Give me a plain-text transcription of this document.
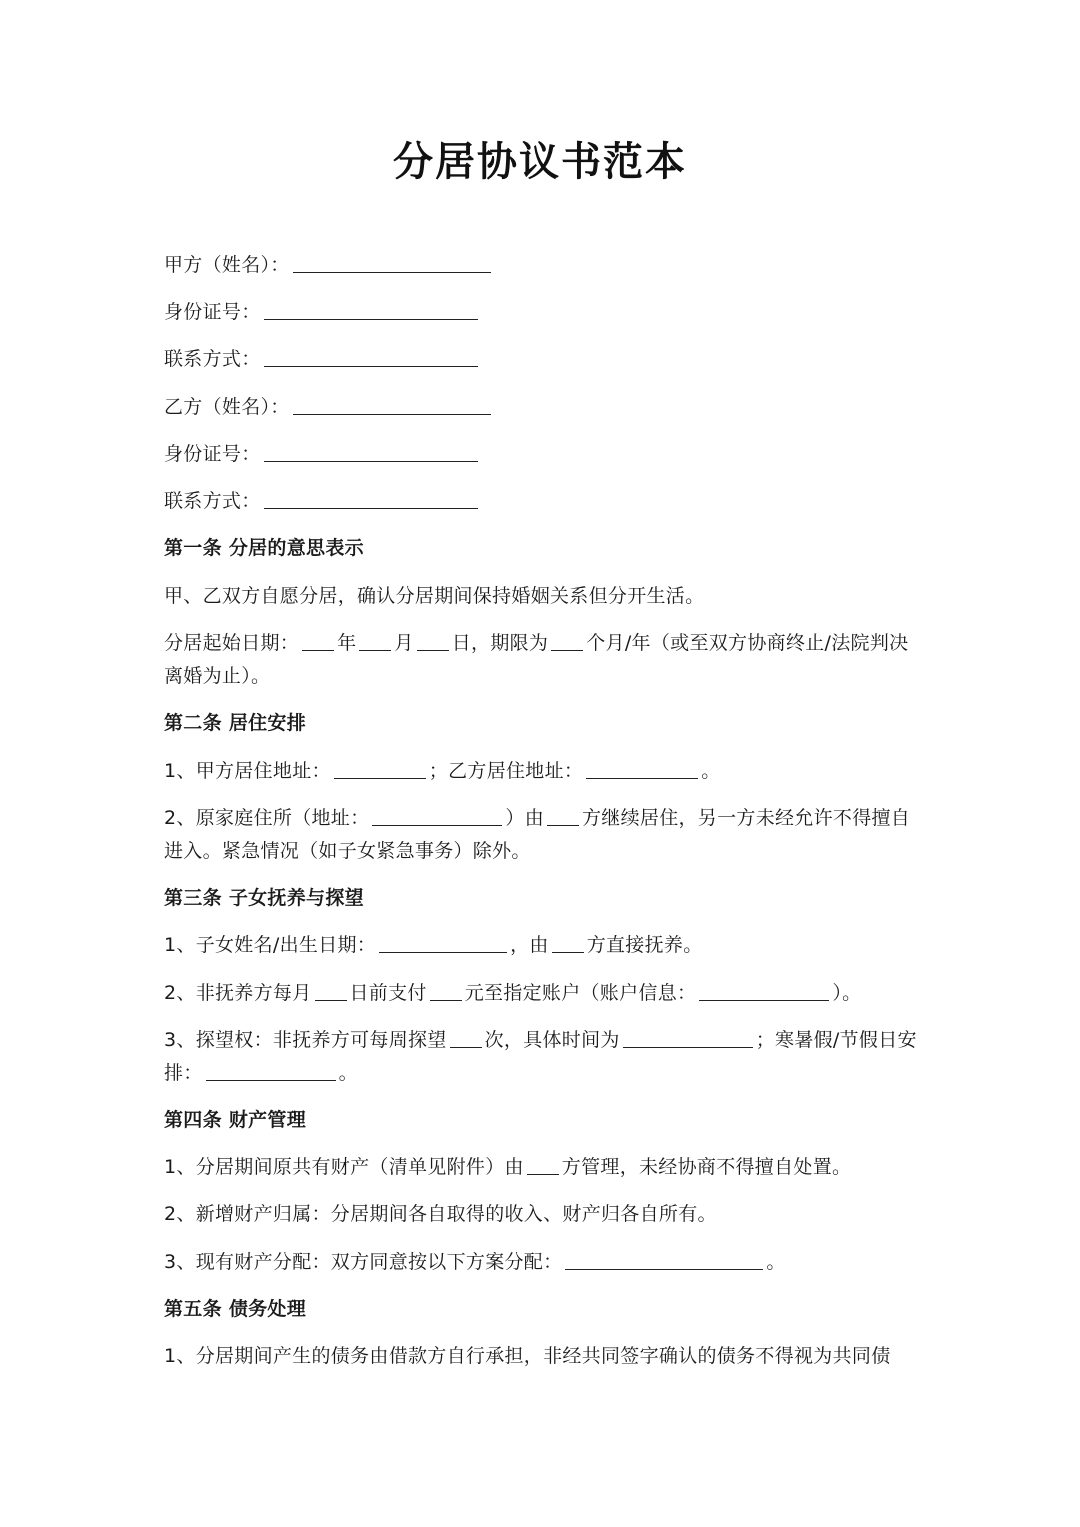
分居协议书范本
甲方（姓名）：
身份证号：
联系方式：
乙方（姓名）：
身份证号：
联系方式：
第一条 分居的意思表示
甲、乙双方自愿分居，确认分居期间保持婚姻关系但分开生活。
分居起始日期： 年 月 日，期限为 个月/年（或至双方协商终止/法院判决离婚为止）。
第二条 居住安排
1、甲方居住地址：	；乙方居住地址：	。
2、原家庭住所（地址：	）由 方继续居住，另一方未经允许不得擅自进入。紧急情况（如子女紧急事务）除外。
第三条 子女抚养与探望
1、子女姓名/出生日期：	，由 方直接抚养。
2、非抚养方每月 日前支付 元至指定账户（账户信息：	）。
3、探望权：非抚养方可每周探望 次，具体时间为	；寒暑假/节假日安排：	。
第四条 财产管理
1、分居期间原共有财产（清单见附件）由 方管理，未经协商不得擅自处置。
2、新增财产归属：分居期间各自取得的收入、财产归各自所有。
3、现有财产分配：双方同意按以下方案分配：	。
第五条 债务处理
1、分居期间产生的债务由借款方自行承担，非经共同签字确认的债务不得视为共同债
